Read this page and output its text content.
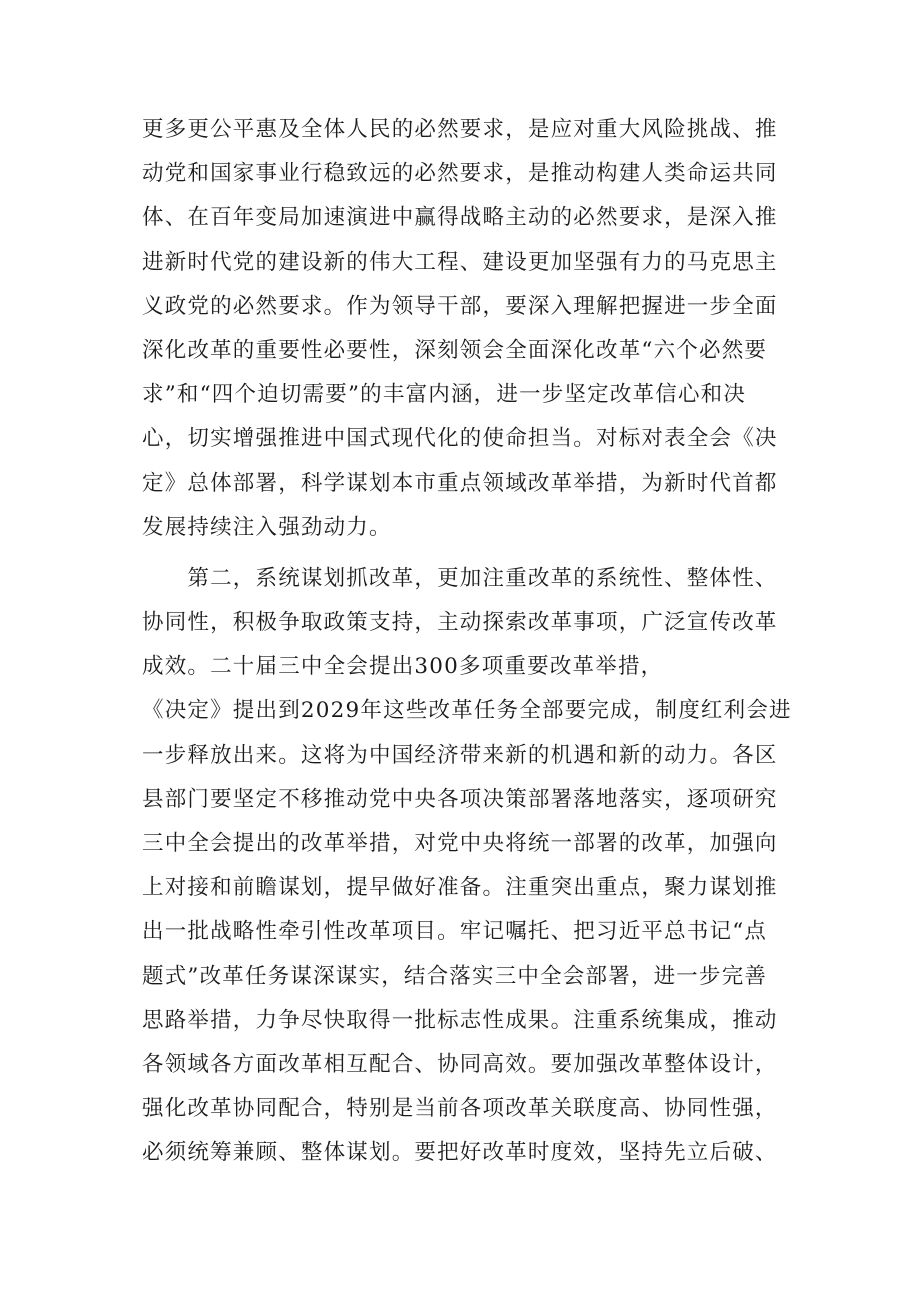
更多更公平惠及全体人民的必然要求，是应对重大风险挑战、推
动党和国家事业行稳致远的必然要求，是推动构建人类命运共同
体、在百年变局加速演进中赢得战略主动的必然要求，是深入推
进新时代党的建设新的伟大工程、建设更加坚强有力的马克思主
义政党的必然要求。作为领导干部，要深入理解把握进一步全面
深化改革的重要性必要性，深刻领会全面深化改革“六个必然要
求”和“四个迫切需要”的丰富内涵，进一步坚定改革信心和决
心，切实增强推进中国式现代化的使命担当。对标对表全会《决
定》总体部署，科学谋划本市重点领域改革举措，为新时代首都
发展持续注入强劲动力。
　　第二，系统谋划抓改革，更加注重改革的系统性、整体性、
协同性，积极争取政策支持，主动探索改革事项，广泛宣传改革
成效。二十届三中全会提出300多项重要改革举措，
《决定》提出到2029年这些改革任务全部要完成，制度红利会进
一步释放出来。这将为中国经济带来新的机遇和新的动力。各区
县部门要坚定不移推动党中央各项决策部署落地落实，逐项研究
三中全会提出的改革举措，对党中央将统一部署的改革，加强向
上对接和前瞻谋划，提早做好准备。注重突出重点，聚力谋划推
出一批战略性牵引性改革项目。牢记嘱托、把习近平总书记“点
题式”改革任务谋深谋实，结合落实三中全会部署，进一步完善
思路举措，力争尽快取得一批标志性成果。注重系统集成，推动
各领域各方面改革相互配合、协同高效。要加强改革整体设计，
强化改革协同配合，特别是当前各项改革关联度高、协同性强，
必须统筹兼顾、整体谋划。要把好改革时度效，坚持先立后破、
